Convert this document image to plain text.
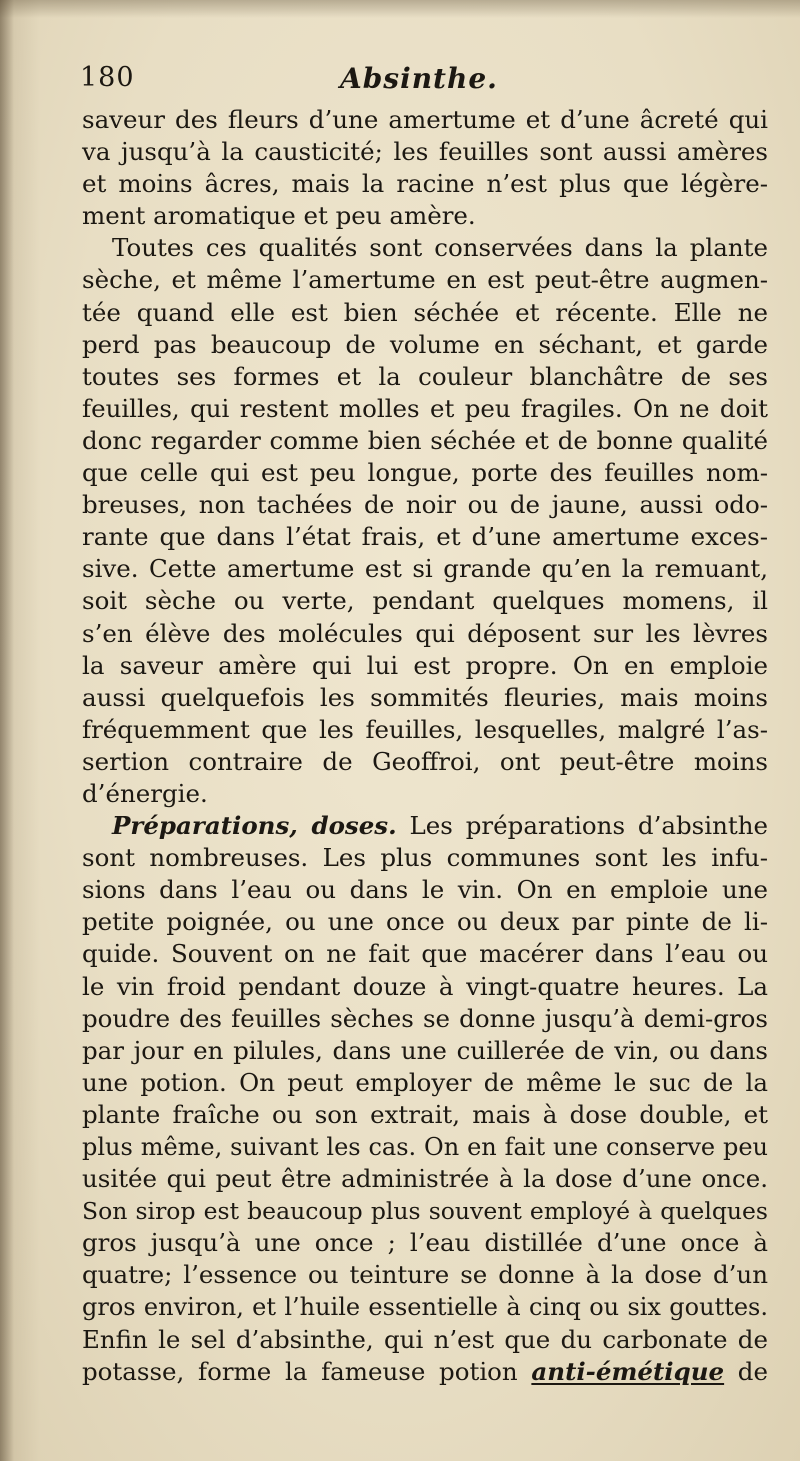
180	Absinthe.
saveur des fleurs d’une amertume et d’une âcreté qui
va jusqu’à la causticité; les feuilles sont aussi amères
et moins âcres, mais la racine n’est plus que légère-
ment aromatique et peu amère.
Toutes ces qualités sont conservées dans la plante
sèche, et même l’amertume en est peut-être augmen-
tée quand elle est bien séchée et récente. Elle ne
perd pas beaucoup de volume en séchant, et garde
toutes ses formes et la couleur blanchâtre de ses
feuilles, qui restent molles et peu fragiles. On ne doit
donc regarder comme bien séchée et de bonne qualité
que celle qui est peu longue, porte des feuilles nom-
breuses, non tachées de noir ou de jaune, aussi odo-
rante que dans l’état frais, et d’une amertume exces-
sive. Cette amertume est si grande qu’en la remuant,
soit sèche ou verte, pendant quelques momens, il
s’en élève des molécules qui déposent sur les lèvres
la saveur amère qui lui est propre. On en emploie
aussi quelquefois les sommités fleuries, mais moins
fréquemment que les feuilles, lesquelles, malgré l’as-
sertion contraire de Geoffroi, ont peut-être moins
d’énergie.
Préparations, doses. Les préparations d’absinthe
sont nombreuses. Les plus communes sont les infu-
sions dans l’eau ou dans le vin. On en emploie une
petite poignée, ou une once ou deux par pinte de li-
quide. Souvent on ne fait que macérer dans l’eau ou
le vin froid pendant douze à vingt-quatre heures. La
poudre des feuilles sèches se donne jusqu’à demi-gros
par jour en pilules, dans une cuillerée de vin, ou dans
une potion. On peut employer de même le suc de la
plante fraîche ou son extrait, mais à dose double, et
plus même, suivant les cas. On en fait une conserve peu
usitée qui peut être administrée à la dose d’une once.
Son sirop est beaucoup plus souvent employé à quelques
gros jusqu’à une once ; l’eau distillée d’une once à
quatre; l’essence ou teinture se donne à la dose d’un
gros environ, et l’huile essentielle à cinq ou six gouttes.
Enfin le sel d’absinthe, qui n’est que du carbonate de
potasse, forme la fameuse potion anti-émétique de
